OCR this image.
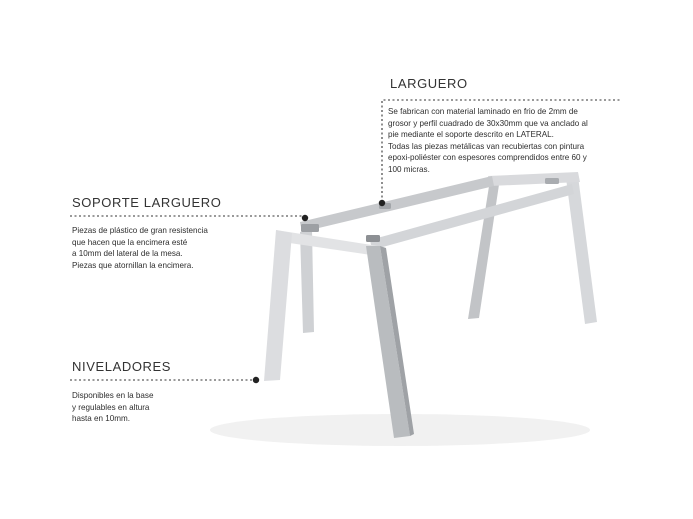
LARGUERO
Se fabrican con material laminado en frio de 2mm de
grosor y perfil cuadrado de 30x30mm que va anclado al
pie mediante el soporte descrito en LATERAL.
Todas las piezas metálicas van recubiertas con pintura
epoxi-poliéster con espesores comprendidos entre 60 y
100 micras.
SOPORTE LARGUERO
Piezas de plástico de gran resistencia
que hacen que la encimera esté
a 10mm del lateral de la mesa.
Piezas que atornillan la encimera.
NIVELADORES
Disponibles en la base
y regulables en altura
hasta en 10mm.
